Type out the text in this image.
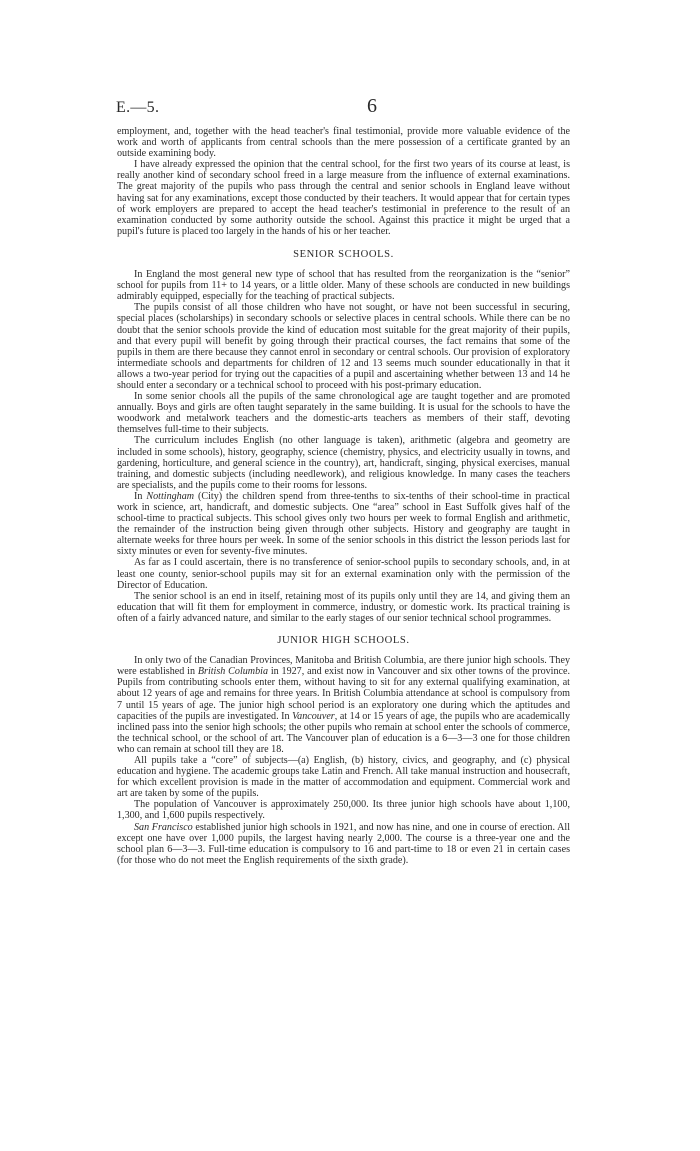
E.—5.	6

employment, and, together with the head teacher's final testimonial, provide more valuable evidence of the work and worth of applicants from central schools than the mere possession of a certificate granted by an outside examining body.

I have already expressed the opinion that the central school, for the first two years of its course at least, is really another kind of secondary school freed in a large measure from the influence of external examinations. The great majority of the pupils who pass through the central and senior schools in England leave without having sat for any examinations, except those conducted by their teachers. It would appear that for certain types of work employers are prepared to accept the head teacher's testimonial in preference to the result of an examination conducted by some authority outside the school. Against this practice it might be urged that a pupil's future is placed too largely in the hands of his or her teacher.

SENIOR SCHOOLS.

In England the most general new type of school that has resulted from the reorganization is the “senior” school for pupils from 11+ to 14 years, or a little older. Many of these schools are conducted in new buildings admirably equipped, especially for the teaching of practical subjects.

The pupils consist of all those children who have not sought, or have not been successful in securing, special places (scholarships) in secondary schools or selective places in central schools. While there can be no doubt that the senior schools provide the kind of education most suitable for the great majority of their pupils, and that every pupil will benefit by going through their practical courses, the fact remains that some of the pupils in them are there because they cannot enrol in secondary or central schools. Our provision of exploratory intermediate schools and departments for children of 12 and 13 seems much sounder educationally in that it allows a two-year period for trying out the capacities of a pupil and ascertaining whether between 13 and 14 he should enter a secondary or a technical school to proceed with his post-primary education.

In some senior chools all the pupils of the same chronological age are taught together and are promoted annually. Boys and girls are often taught separately in the same building. It is usual for the schools to have the woodwork and metalwork teachers and the domestic-arts teachers as members of their staff, devoting themselves full-time to their subjects.

The curriculum includes English (no other language is taken), arithmetic (algebra and geometry are included in some schools), history, geography, science (chemistry, physics, and electricity usually in towns, and gardening, horticulture, and general science in the country), art, handicraft, singing, physical exercises, manual training, and domestic subjects (including needlework), and religious knowledge. In many cases the teachers are specialists, and the pupils come to their rooms for lessons.

In Nottingham (City) the children spend from three-tenths to six-tenths of their school-time in practical work in science, art, handicraft, and domestic subjects. One “area” school in East Suffolk gives half of the school-time to practical subjects. This school gives only two hours per week to formal English and arithmetic, the remainder of the instruction being given through other subjects. History and geography are taught in alternate weeks for three hours per week. In some of the senior schools in this district the lesson periods last for sixty minutes or even for seventy-five minutes.

As far as I could ascertain, there is no transference of senior-school pupils to secondary schools, and, in at least one county, senior-school pupils may sit for an external examination only with the permission of the Director of Education.

The senior school is an end in itself, retaining most of its pupils only until they are 14, and giving them an education that will fit them for employment in commerce, industry, or domestic work. Its practical training is often of a fairly advanced nature, and similar to the early stages of our senior technical school programmes.

JUNIOR HIGH SCHOOLS.

In only two of the Canadian Provinces, Manitoba and British Columbia, are there junior high schools. They were established in British Columbia in 1927, and exist now in Vancouver and six other towns of the province. Pupils from contributing schools enter them, without having to sit for any external qualifying examination, at about 12 years of age and remains for three years. In British Columbia attendance at school is compulsory from 7 until 15 years of age. The junior high school period is an exploratory one during which the aptitudes and capacities of the pupils are investigated. In Vancouver, at 14 or 15 years of age, the pupils who are academically inclined pass into the senior high schools; the other pupils who remain at school enter the schools of commerce, the technical school, or the school of art. The Vancouver plan of education is a 6—3—3 one for those children who can remain at school till they are 18.

All pupils take a “core” of subjects—(a) English, (b) history, civics, and geography, and (c) physical education and hygiene. The academic groups take Latin and French. All take manual instruction and housecraft, for which excellent provision is made in the matter of accommodation and equipment. Commercial work and art are taken by some of the pupils.

The population of Vancouver is approximately 250,000. Its three junior high schools have about 1,100, 1,300, and 1,600 pupils respectively.

San Francisco established junior high schools in 1921, and now has nine, and one in course of erection. All except one have over 1,000 pupils, the largest having nearly 2,000. The course is a three-year one and the school plan 6—3—3. Full-time education is compulsory to 16 and part-time to 18 or even 21 in certain cases (for those who do not meet the English requirements of the sixth grade).
